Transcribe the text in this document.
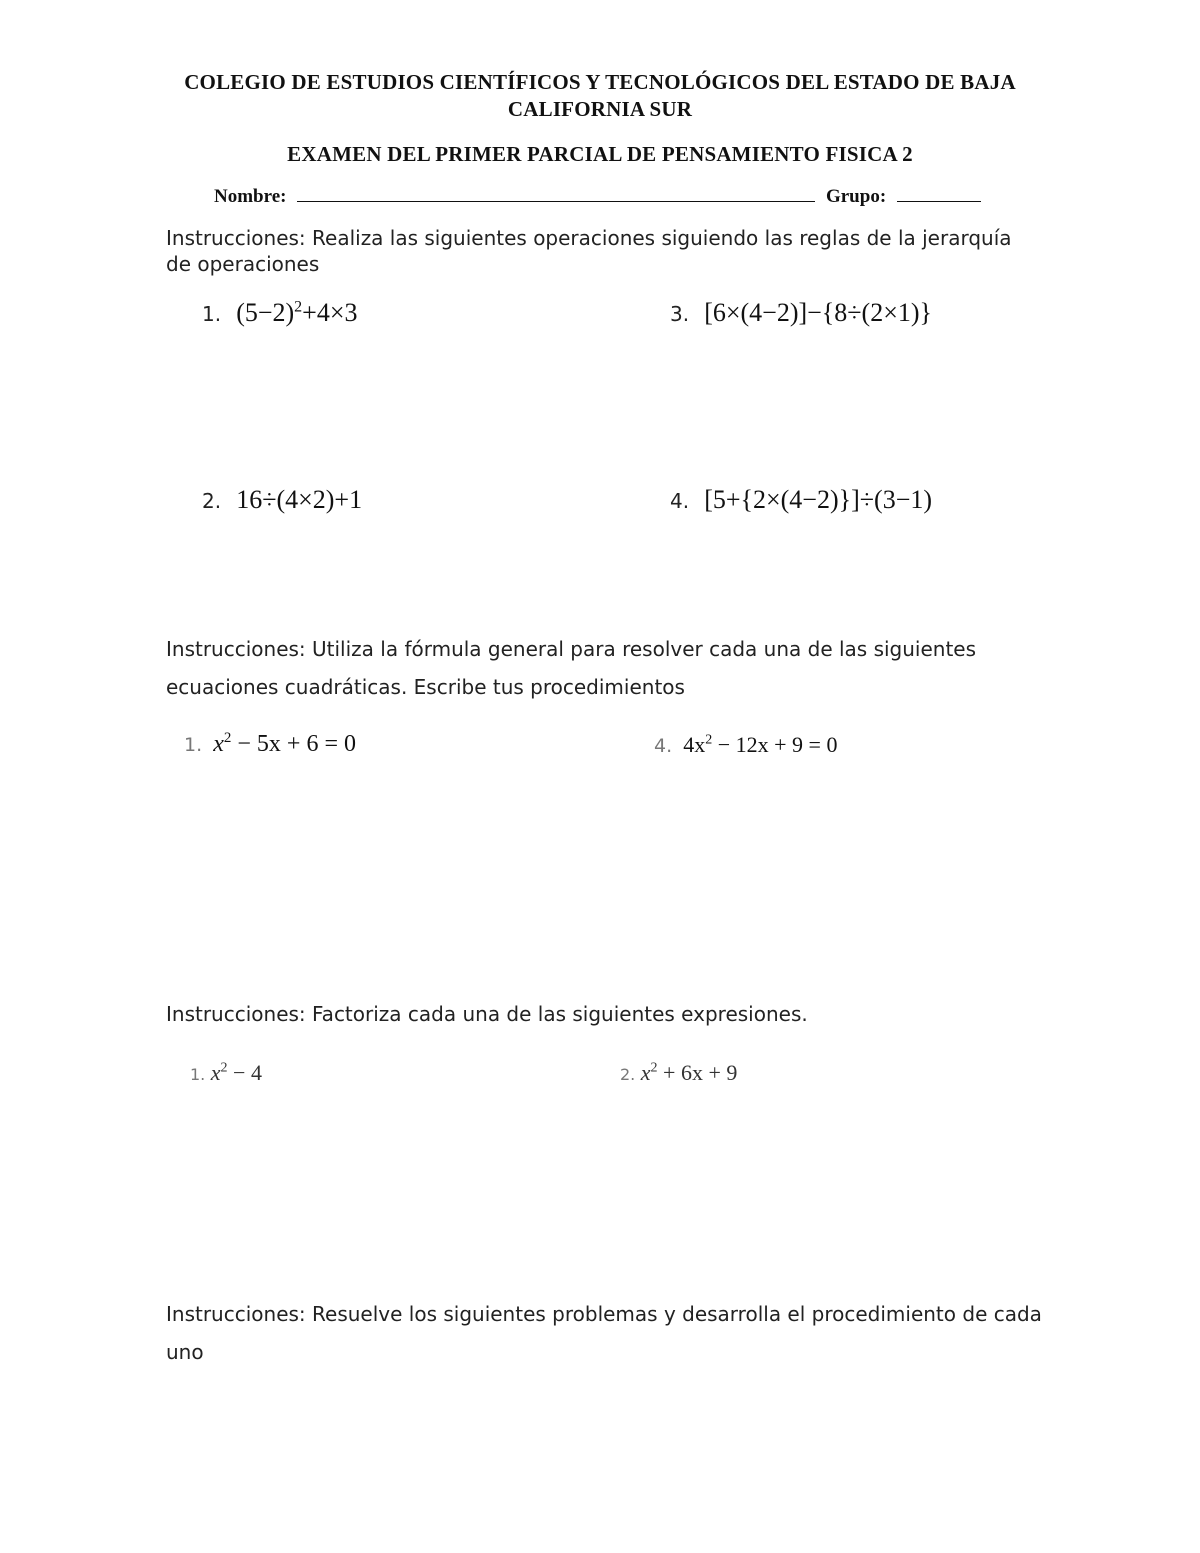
COLEGIO DE ESTUDIOS CIENTÍFICOS Y TECNOLÓGICOS DEL ESTADO DE BAJA
CALIFORNIA SUR
EXAMEN DEL PRIMER PARCIAL DE PENSAMIENTO FISICA 2
Nombre:	Grupo:
Instrucciones: Realiza las siguientes operaciones siguiendo las reglas de la jerarquía de operaciones
1. $(5-2)^2+4\times 3$
2. 16÷(4×2)+1
3. [6×(4−2)]−{8÷(2×1)}
4. [5+{2×(4−2)}]÷(3−1)
Instrucciones: Utiliza la fórmula general para resolver cada una de las siguientes ecuaciones cuadráticas. Escribe tus procedimientos
1. $x^2 - 5x + 6 = 0$	4. $4x^2 - 12x + 9 = 0$
Instrucciones: Factoriza cada una de las siguientes expresiones.
1. $x^2 - 4$	2. $x^2 + 6x + 9$
Instrucciones: Resuelve los siguientes problemas y desarrolla el procedimiento de cada uno
